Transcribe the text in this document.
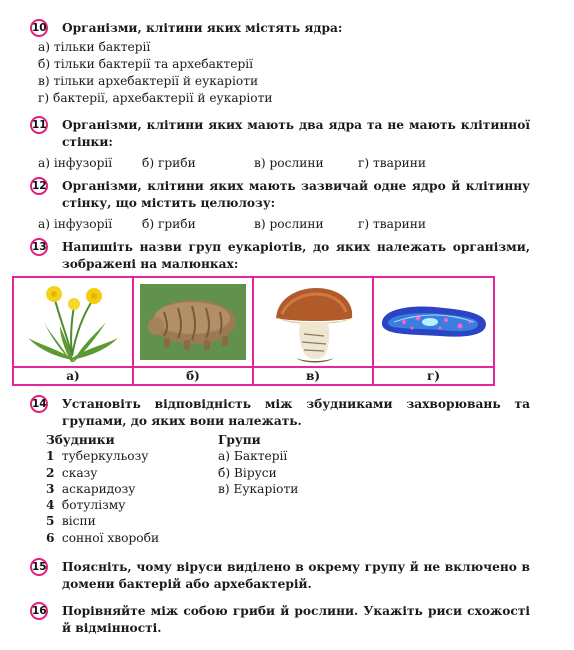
10 Організми, клітини яких містять ядра:
а) тільки бактерії
б) тільки бактерії та архебактерії
в) тільки архебактерії й еукаріоти
г) бактерії, архебактерії й еукаріоти
11 Організми, клітини яких мають два ядра та не мають клітинної стінки:
а) інфузорії б) гриби	в) рослини	г) тварини
12 Організми, клітини яких мають зазвичай одне ядро й клітинну стінку, що містить целюлозу:
а) інфузорії б) гриби	в) рослини	г) тварини
13 Напишіть назви груп еукаріотів, до яких належать організми, зображені на малюнках:
а)	б)	в)	г)
14 Установіть відповідність між збудниками захворювань та групами, до яких вони належать.
Збудники
1 туберкульозу
2 сказу
3 аскаридозу
4 ботулізму
5 віспи
6 сонної хвороби
Групи
а) Бактерії
б) Віруси
в) Еукаріоти
15 Поясніть, чому віруси виділено в окрему групу й не включено в домени бактерій або архебактерій.
16 Порівняйте між собою гриби й рослини. Укажіть риси схожості й відмінності.
